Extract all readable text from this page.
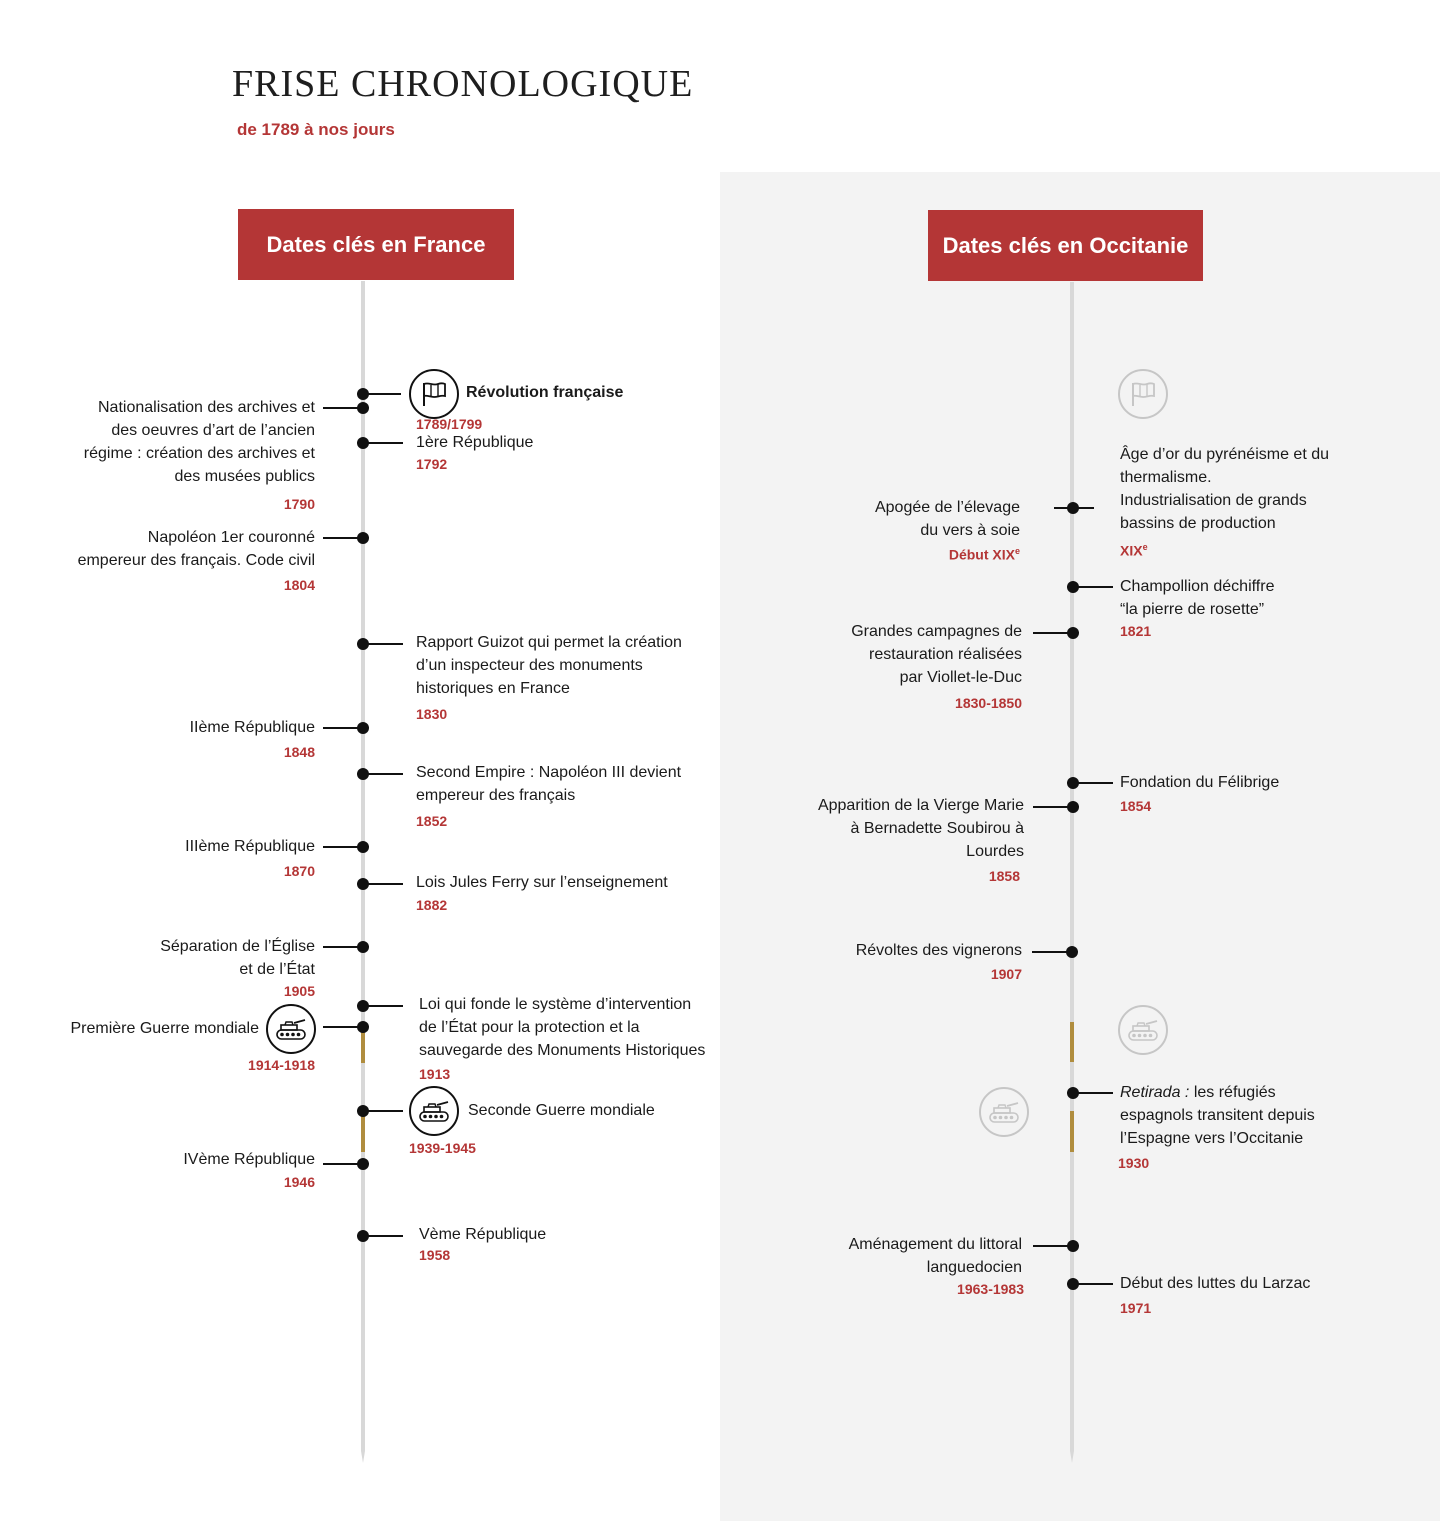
FRISE CHRONOLOGIQUE
de 1789 à nos jours
Dates clés en France	Dates clés en Occitanie
Révolution française
1789/1799
Nationalisation des archives et
des oeuvres d’art de l’ancien
régime : création des archives et
des musées publics
1790
1ère République
1792
Napoléon 1er couronné
empereur des français. Code civil
1804
Rapport Guizot qui permet la création
d’un inspecteur des monuments
historiques en France
1830
IIème République
1848
Second Empire : Napoléon III devient
empereur des français
1852
IIIème République
1870
Lois Jules Ferry sur l’enseignement
1882
Séparation de l’Église
et de l’État
1905
Loi qui fonde le système d’intervention
de l’État pour la protection et la
sauvegarde des Monuments Historiques
1913
Première Guerre mondiale
1914-1918
Seconde Guerre mondiale
1939-1945
IVème République
1946
Vème République
1958
Âge d’or du pyrénéisme et du
thermalisme.
Industrialisation de grands
bassins de production
XIXe
Apogée de l’élevage
du vers à soie
Début XIXe
Champollion déchiffre
“la pierre de rosette”
1821
Grandes campagnes de
restauration réalisées
par Viollet-le-Duc
1830-1850
Fondation du Félibrige
1854
Apparition de la Vierge Marie
à Bernadette Soubirou à
Lourdes
1858
Révoltes des vignerons
1907
Retirada : les réfugiés
espagnols transitent depuis
l’Espagne vers l’Occitanie
1930
Aménagement du littoral
languedocien
1963-1983	Début des luttes du Larzac
1971
